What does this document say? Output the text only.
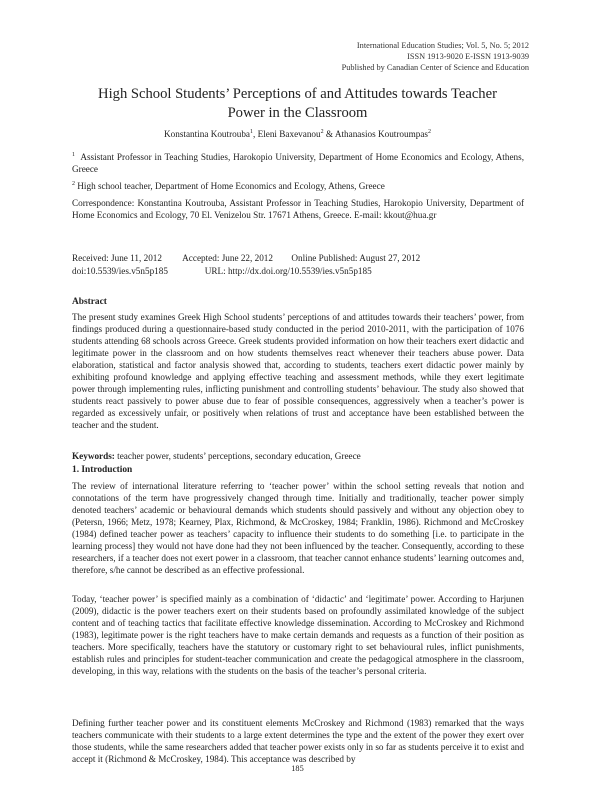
International Education Studies; Vol. 5, No. 5; 2012
ISSN 1913-9020 E-ISSN 1913-9039
Published by Canadian Center of Science and Education
High School Students’ Perceptions of and Attitudes towards Teacher
Power in the Classroom
Konstantina Koutrouba$^1$, Eleni Baxevanou$^2$ & Athanasios Koutroumpas$^2$
$^1$ Assistant Professor in Teaching Studies, Harokopio University, Department of Home Economics and Ecology, Athens, Greece
$^2$ High school teacher, Department of Home Economics and Ecology, Athens, Greece
Correspondence: Konstantina Koutrouba, Assistant Professor in Teaching Studies, Harokopio University, Department of Home Economics and Ecology, 70 El. Venizelou Str. 17671 Athens, Greece. E-mail: kkout@hua.gr
Received: June 11, 2012 Accepted: June 22, 2012 Online Published: August 27, 2012
doi:10.5539/ies.v5n5p185	URL: http://dx.doi.org/10.5539/ies.v5n5p185
Abstract
The present study examines Greek High School students’ perceptions of and attitudes towards their teachers’ power, from findings produced during a questionnaire-based study conducted in the period 2010-2011, with the participation of 1076 students attending 68 schools across Greece. Greek students provided information on how their teachers exert didactic and legitimate power in the classroom and on how students themselves react whenever their teachers abuse power. Data elaboration, statistical and factor analysis showed that, according to students, teachers exert didactic power mainly by exhibiting profound knowledge and applying effective teaching and assessment methods, while they exert legitimate power through implementing rules, inflicting punishment and controlling students’ behaviour. The study also showed that students react passively to power abuse due to fear of possible consequences, aggressively when a teacher’s power is regarded as excessively unfair, or positively when relations of trust and acceptance have been established between the teacher and the student.
Keywords: teacher power, students’ perceptions, secondary education, Greece
1. Introduction
The review of international literature referring to ‘teacher power’ within the school setting reveals that notion and connotations of the term have progressively changed through time. Initially and traditionally, teacher power simply denoted teachers’ academic or behavioural demands which students should passively and without any objection obey to (Petersn, 1966; Metz, 1978; Kearney, Plax, Richmond, & McCroskey, 1984; Franklin, 1986). Richmond and McCroskey (1984) defined teacher power as teachers’ capacity to influence their students to do something [i.e. to participate in the learning process] they would not have done had they not been influenced by the teacher. Consequently, according to these researchers, if a teacher does not exert power in a classroom, that teacher cannot enhance students’ learning outcomes and, therefore, s/he cannot be described as an effective professional.
Today, ‘teacher power’ is specified mainly as a combination of ‘didactic’ and ‘legitimate’ power. According to Harjunen (2009), didactic is the power teachers exert on their students based on profoundly assimilated knowledge of the subject content and of teaching tactics that facilitate effective knowledge dissemination. According to McCroskey and Richmond (1983), legitimate power is the right teachers have to make certain demands and requests as a function of their position as teachers. More specifically, teachers have the statutory or customary right to set behavioural rules, inflict punishments, establish rules and principles for student-teacher communication and create the pedagogical atmosphere in the classroom, developing, in this way, relations with the students on the basis of the teacher’s personal criteria.
Defining further teacher power and its constituent elements McCroskey and Richmond (1983) remarked that the ways teachers communicate with their students to a large extent determines the type and the extent of the power they exert over those students, while the same researchers added that teacher power exists only in so far as students perceive it to exist and accept it (Richmond & McCroskey, 1984). This acceptance was described by
185
